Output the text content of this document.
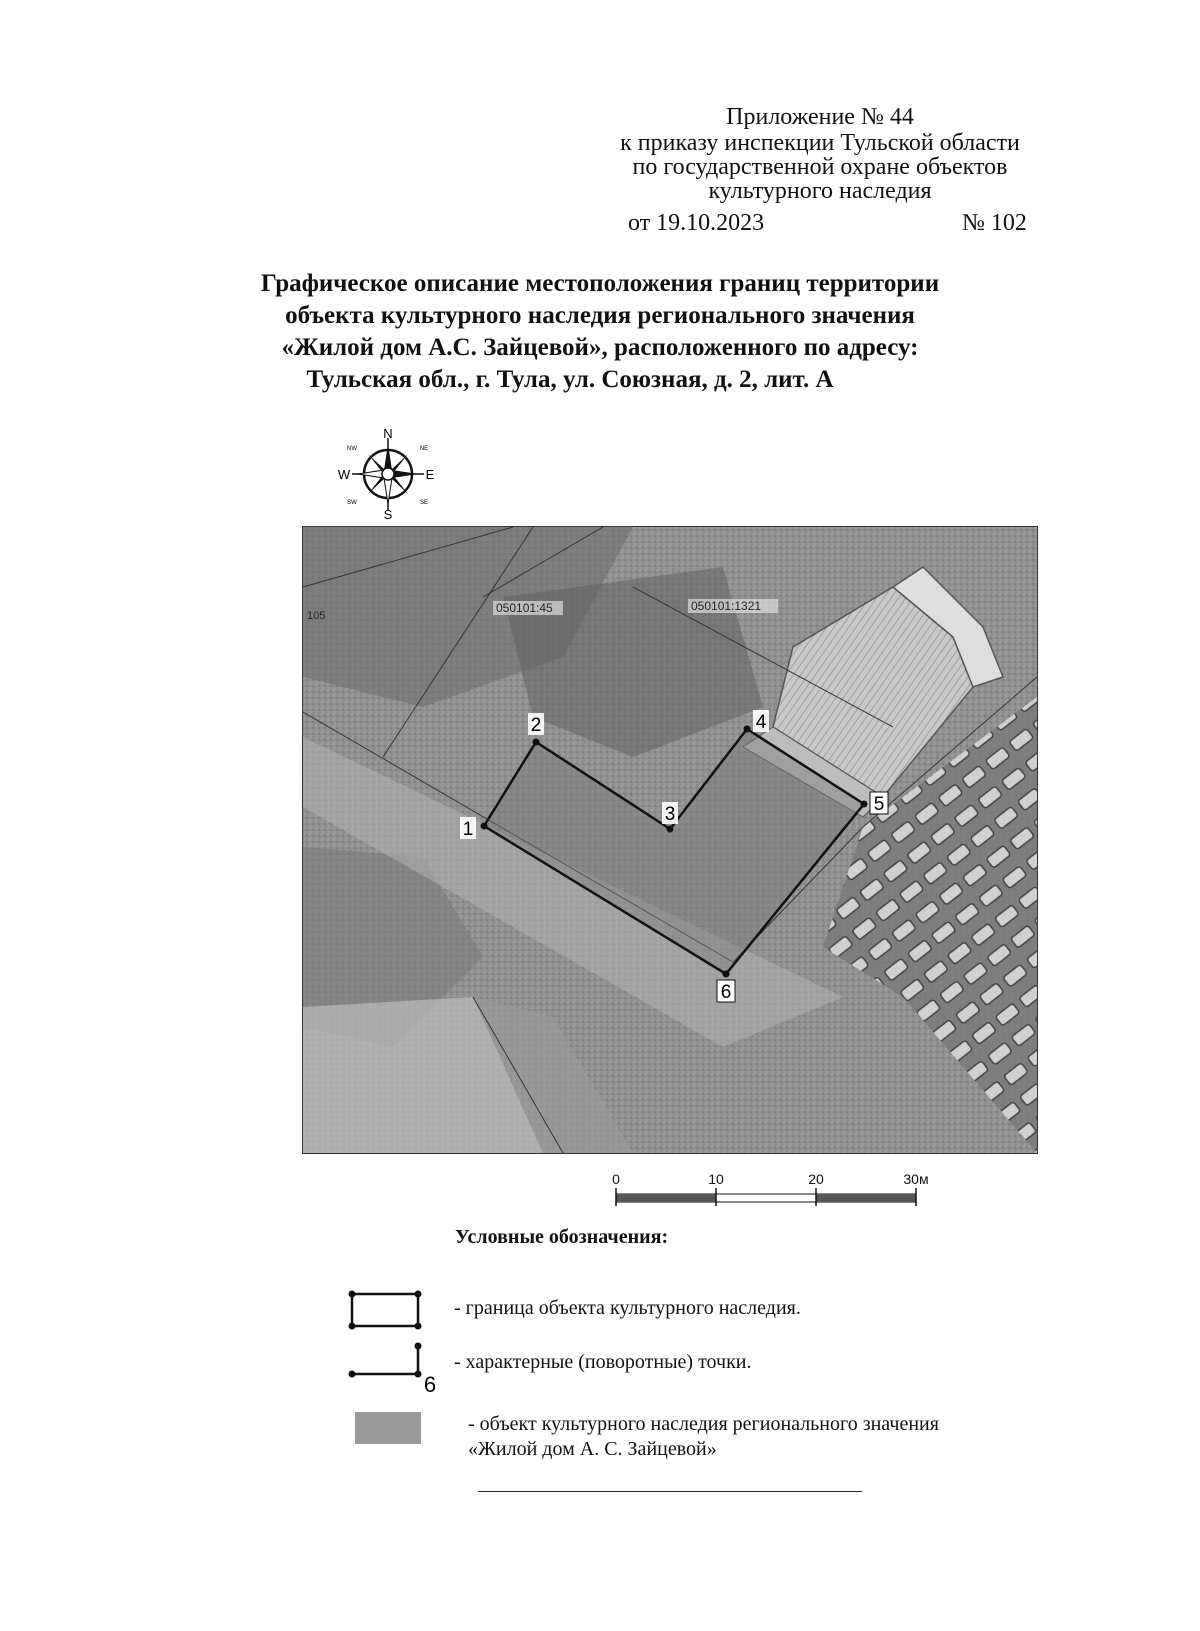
Приложение № 44
к приказу инспекции Тульской области
по государственной охране объектов
культурного наследия
от 19.10.2023	№ 102
Графическое описание местоположения границ территории
объекта культурного наследия регионального значения
«Жилой дом А.С. Зайцевой», расположенного по адресу:
Тульская обл., г. Тула, ул. Союзная, д. 2, лит. А
N
S
W	E
NW	NE
SW	SE
1
2
3
4
5
6
050101:45	050101:1321
105
0	10	20	30м
Условные обозначения:
- граница объекта культурного наследия.
6
- характерные (поворотные) точки.
- объект культурного наследия регионального значения
«Жилой дом А. С. Зайцевой»
